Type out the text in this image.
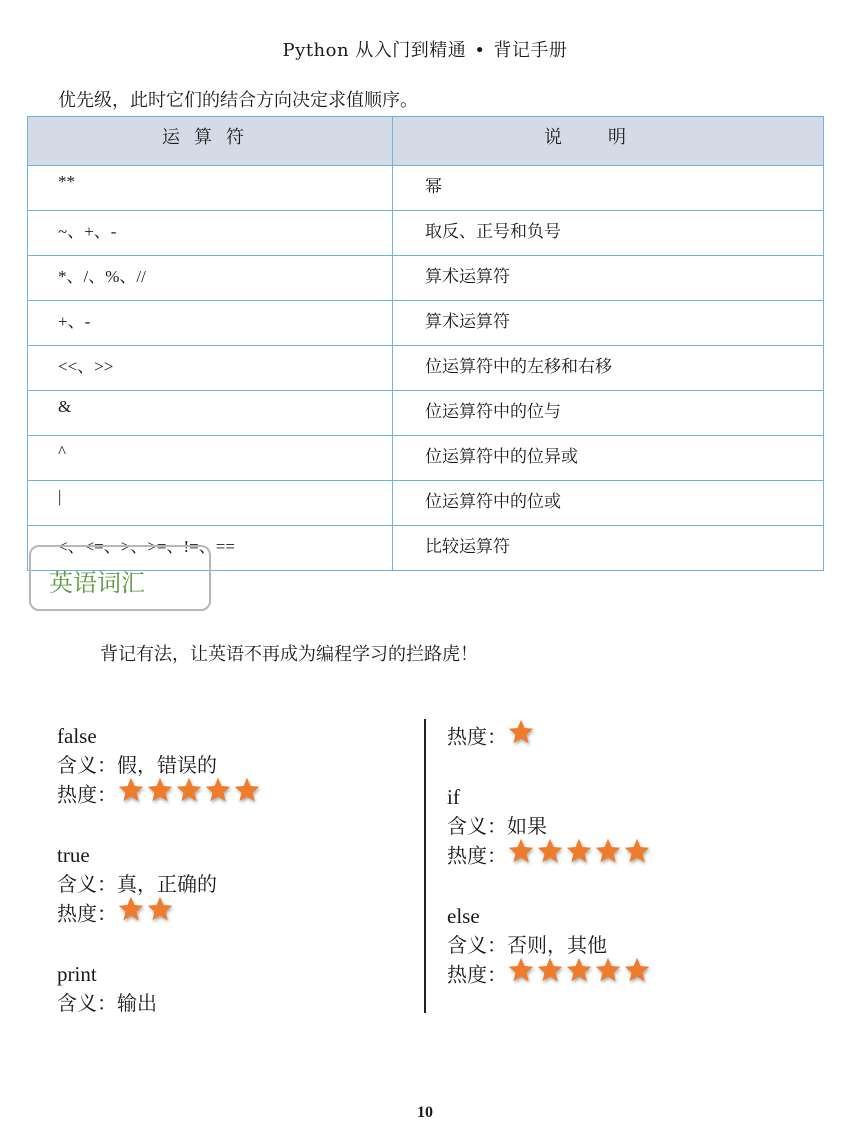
Python 从入门到精通 • 背记手册
优先级，此时它们的结合方向决定求值顺序。
运算符	说明
**	幂
~、+、-	取反、正号和负号
*、/、%、//	算术运算符
+、-	算术运算符
<<、>>	位运算符中的左移和右移
&	位运算符中的位与
^	位运算符中的位异或
|	位运算符中的位或
<、<=、>、>=、!=、==	比较运算符
英语词汇
背记有法，让英语不再成为编程学习的拦路虎！
false
含义：假，错误的
热度：
true
含义：真，正确的
热度：
print
含义：输出
热度：
if
含义：如果
热度：
else
含义：否则，其他
热度：
10
